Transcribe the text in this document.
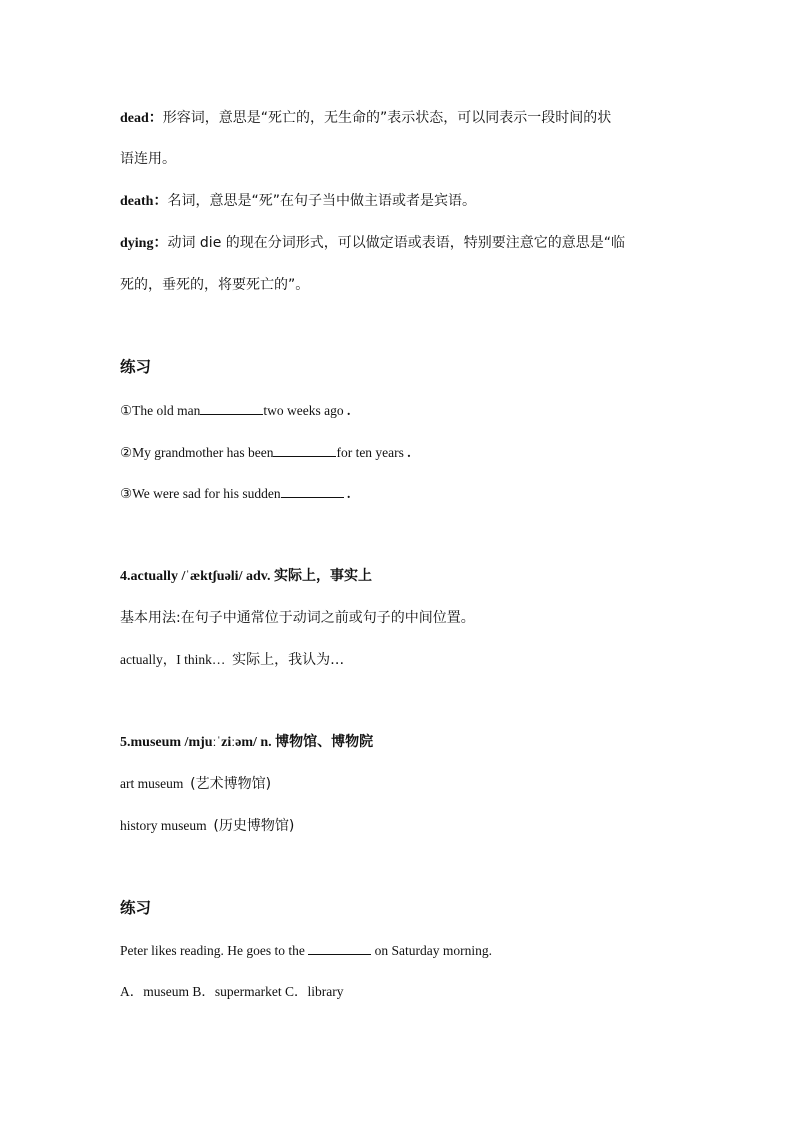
dead：形容词，意思是“死亡的，无生命的”表示状态，可以同表示一段时间的状
语连用。
death：名词，意思是“死”在句子当中做主语或者是宾语。
dying：动词 die 的现在分词形式，可以做定语或表语，特别要注意它的意思是“临
死的，垂死的，将要死亡的”。
练习
①The old man	two weeks ago .
②My grandmother has been	for ten years .
③We were sad for his sudden	.
4.actually /ˈæktʃuəli/ adv. 实际上，事实上
基本用法:在句子中通常位于动词之前或句子的中间位置。
actually，I think… 实际上，我认为…
5.museum /mjuːˈziːəm/ n. 博物馆、博物院
art museum (艺术博物馆)
history museum (历史博物馆)
练习
Peter likes reading. He goes to the	on Saturday morning.
A．museum B．supermarket C．library
